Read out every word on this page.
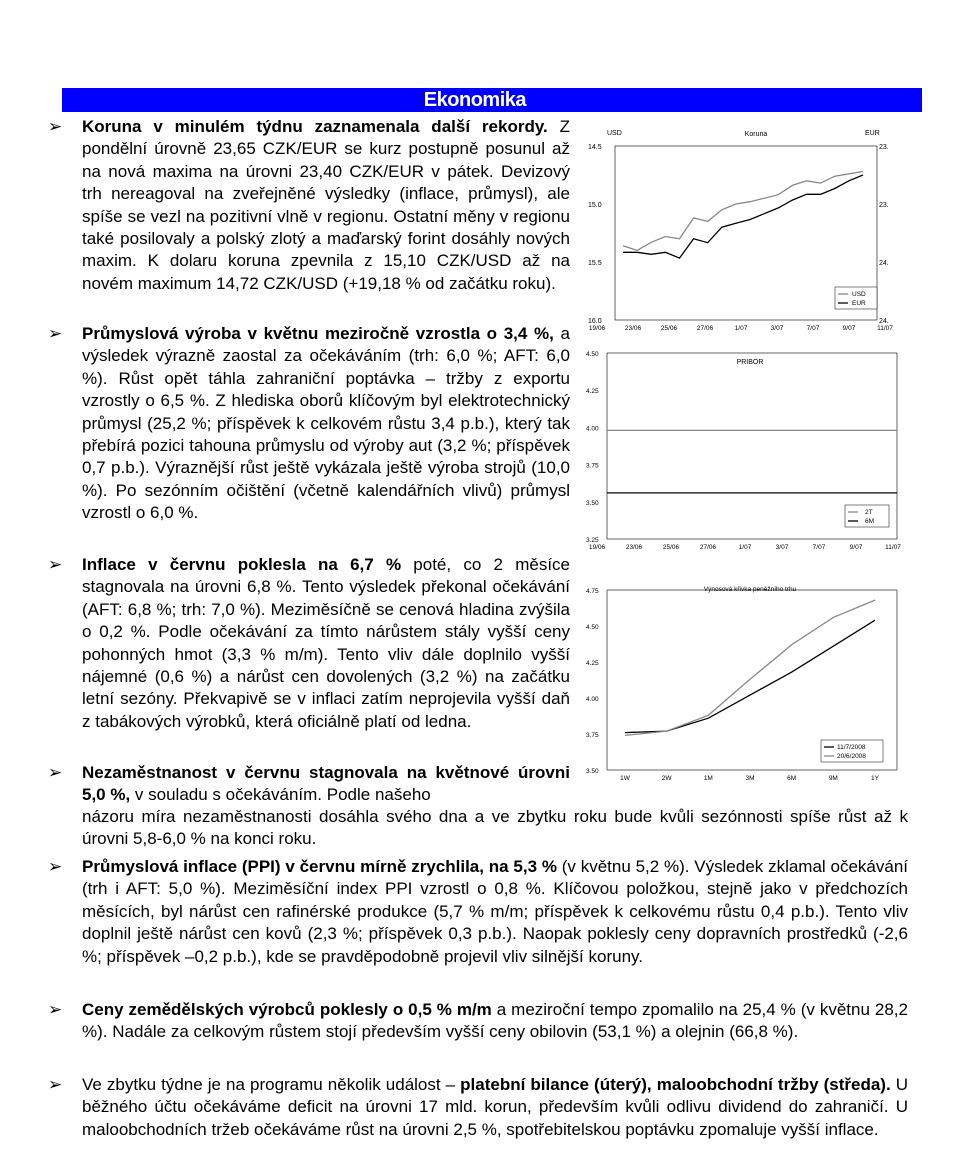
Ekonomika
➢ Koruna v minulém týdnu zaznamenala další rekordy. Z pondělní úrovně 23,65 CZK/EUR se kurz postupně posunul až na nová maxima na úrovni 23,40 CZK/EUR v pátek. Devizový trh nereagoval na zveřejněné výsledky (inflace, průmysl), ale spíše se vezl na pozitivní vlně v regionu. Ostatní měny v regionu také posilovaly a polský zlotý a maďarský forint dosáhly nových maxim. K dolaru koruna zpevnila z 15,10 CZK/USD až na novém maximum 14,72 CZK/USD (+19,18 % od začátku roku).
➢ Průmyslová výroba v květnu meziročně vzrostla o 3,4 %, a výsledek výrazně zaostal za očekáváním (trh: 6,0 %; AFT: 6,0 %). Růst opět táhla zahraniční poptávka – tržby z exportu vzrostly o 6,5 %. Z hlediska oborů klíčovým byl elektrotechnický průmysl (25,2 %; příspěvek k celkovém růstu 3,4 p.b.), který tak přebírá pozici tahouna průmyslu od výroby aut (3,2 %; příspěvek 0,7 p.b.). Výraznější růst ještě vykázala ještě výroba strojů (10,0 %). Po sezónním očištění (včetně kalendářních vlivů) průmysl vzrostl o 6,0 %.
➢ Inflace v červnu poklesla na 6,7 % poté, co 2 měsíce stagnovala na úrovni 6,8 %. Tento výsledek překonal očekávání (AFT: 6,8 %; trh: 7,0 %). Meziměsíčně se cenová hladina zvýšila o 0,2 %. Podle očekávání za tímto nárůstem stály vyšší ceny pohonných hmot (3,3 % m/m). Tento vliv dále doplnilo vyšší nájemné (0,6 %) a nárůst cen dovolených (3,2 %) na začátku letní sezóny. Překvapivě se v inflaci zatím neprojevila vyšší daň z tabákových výrobků, která oficiálně platí od ledna.
➢ Nezaměstnanost v červnu stagnovala na květnové úrovni 5,0 %, v souladu s očekáváním. Podle našeho
názoru míra nezaměstnanosti dosáhla svého dna a ve zbytku roku bude kvůli sezónnosti spíše růst až k úrovni 5,8-6,0 % na konci roku.
➢ Průmyslová inflace (PPI) v červnu mírně zrychlila, na 5,3 % (v květnu 5,2 %). Výsledek zklamal očekávání (trh i AFT: 5,0 %). Meziměsíční index PPI vzrostl o 0,8 %. Klíčovou položkou, stejně jako v předchozích měsících, byl nárůst cen rafinérské produkce (5,7 % m/m; příspěvek k celkovému růstu 0,4 p.b.). Tento vliv doplnil ještě nárůst cen kovů (2,3 %; příspěvek 0,3 p.b.). Naopak poklesly ceny dopravních prostředků (-2,6 %; příspěvek –0,2 p.b.), kde se pravděpodobně projevil vliv silnější koruny.
➢ Ceny zemědělských výrobců poklesly o 0,5 % m/m a meziroční tempo zpomalilo na 25,4 % (v květnu 28,2 %). Nadále za celkovým růstem stojí především vyšší ceny obilovin (53,1 %) a olejnin (66,8 %).
➢ Ve zbytku týdne je na programu několik událost – platební bilance (úterý), maloobchodní tržby (středa). U běžného účtu očekáváme deficit na úrovni 17 mld. korun, především kvůli odlivu dividend do zahraničí. U maloobchodních tržeb očekáváme růst na úrovni 2,5 %, spotřebitelskou poptávku zpomaluje vyšší inflace.
Koruna
USD	EUR
14.5
15.0
15.5
16.0
23.
23.
24.
24.
19/06	23/06	25/06	27/06	1/07	3/07	7/07	9/07	11/07
USD
EUR
PRIBOR
3.25
3.50
3.75
4.00
4.25
4.50
19/06	23/06	25/06	27/06	1/07	3/07	7/07	9/07	11/07
2T
6M
Výnosová křivka peněžního trhu
3.50
3.75
4.00
4.25
4.50
4.75
1W	2W	1M	3M	6M	9M	1Y
11/7/2008
20/6/2008
